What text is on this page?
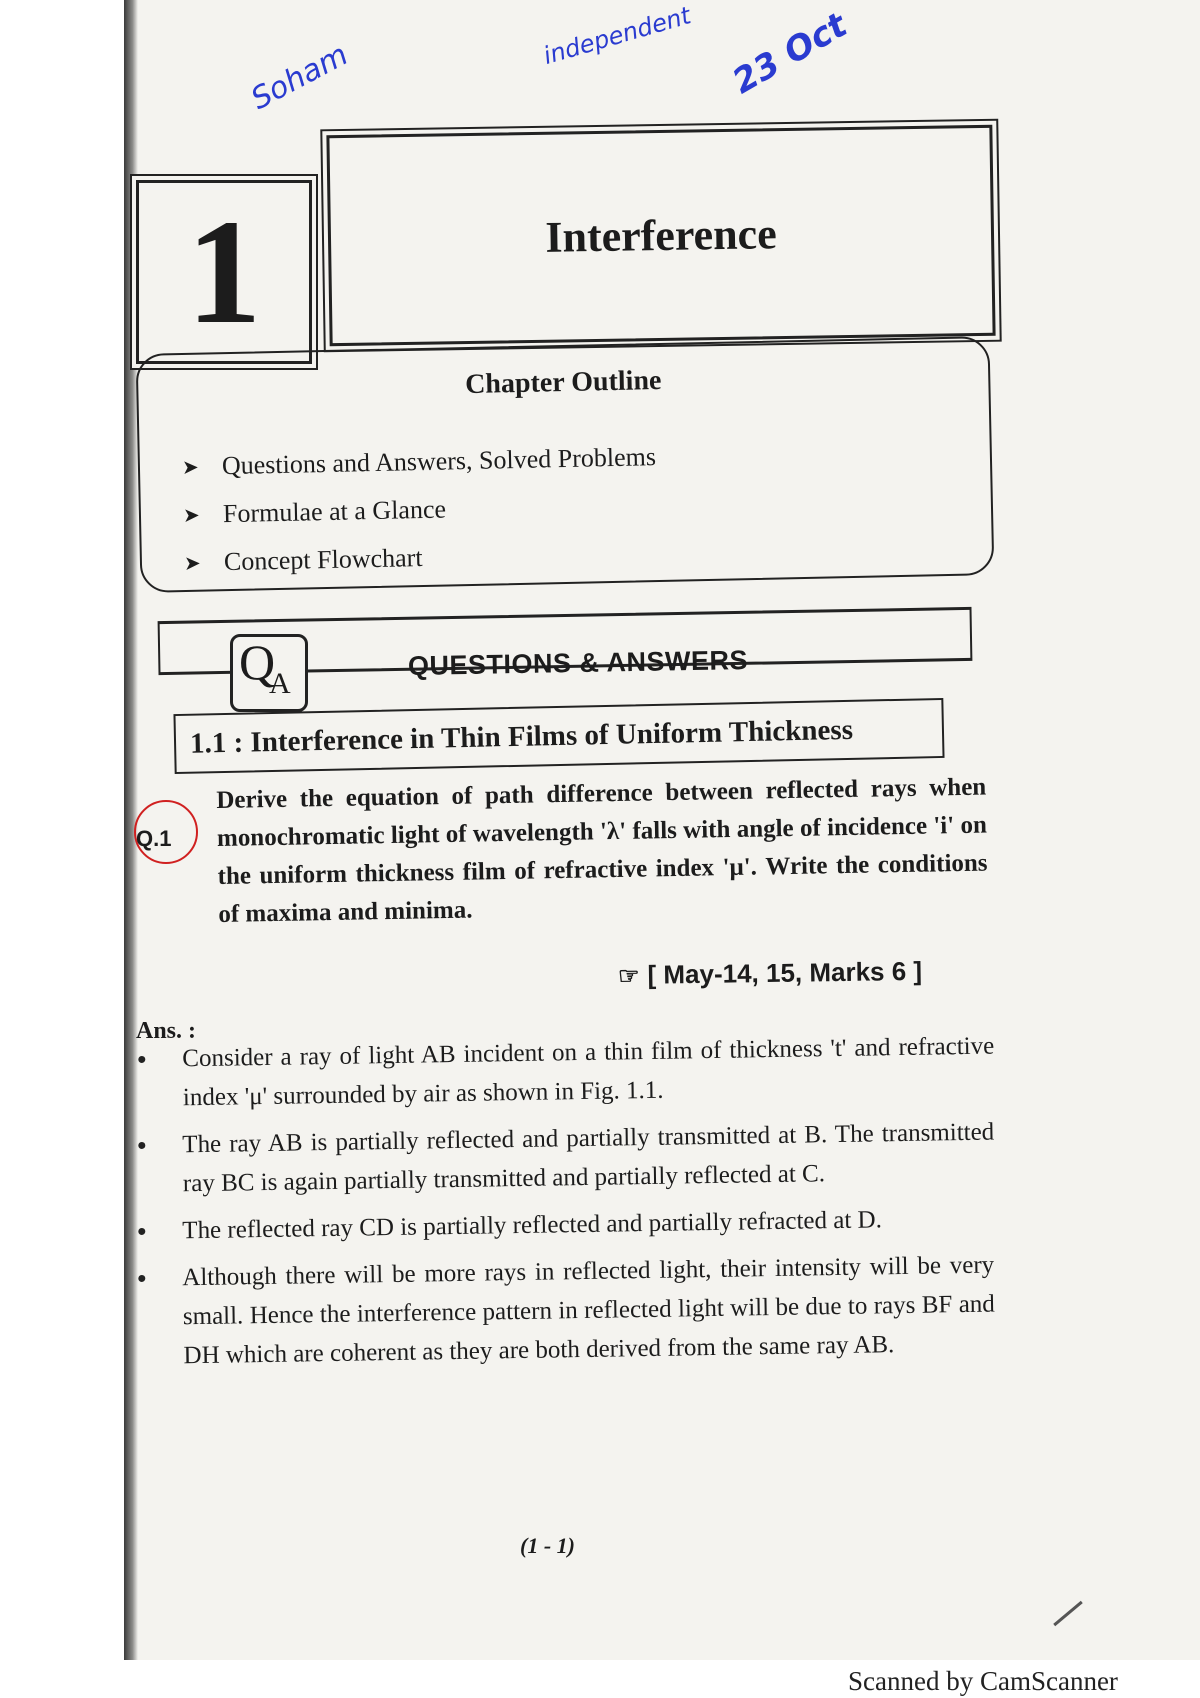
Soham
independent 23 Oct
1	Interference
Chapter Outline
➤ Questions and Answers, Solved Problems
➤ Formulae at a Glance
➤ Concept Flowchart
Q
A
QUESTIONS & ANSWERS
1.1 : Interference in Thin Films of Uniform Thickness
Q.1
Derive the equation of path difference between reflected rays when monochromatic light of wavelength 'λ' falls with angle of incidence 'i' on the uniform thickness film of refractive index 'μ'. Write the conditions of maxima and minima.
☞ [ May-14, 15, Marks 6 ]
Ans. :
Consider a ray of light AB incident on a thin film of thickness 't' and refractive index 'μ' surrounded by air as shown in Fig. 1.1.
The ray AB is partially reflected and partially transmitted at B. The transmitted ray BC is again partially transmitted and partially reflected at C.
The reflected ray CD is partially reflected and partially refracted at D.
Although there will be more rays in reflected light, their intensity will be very small. Hence the interference pattern in reflected light will be due to rays BF and DH which are coherent as they are both derived from the same ray AB.
(1 - 1)
Scanned by CamScanner
